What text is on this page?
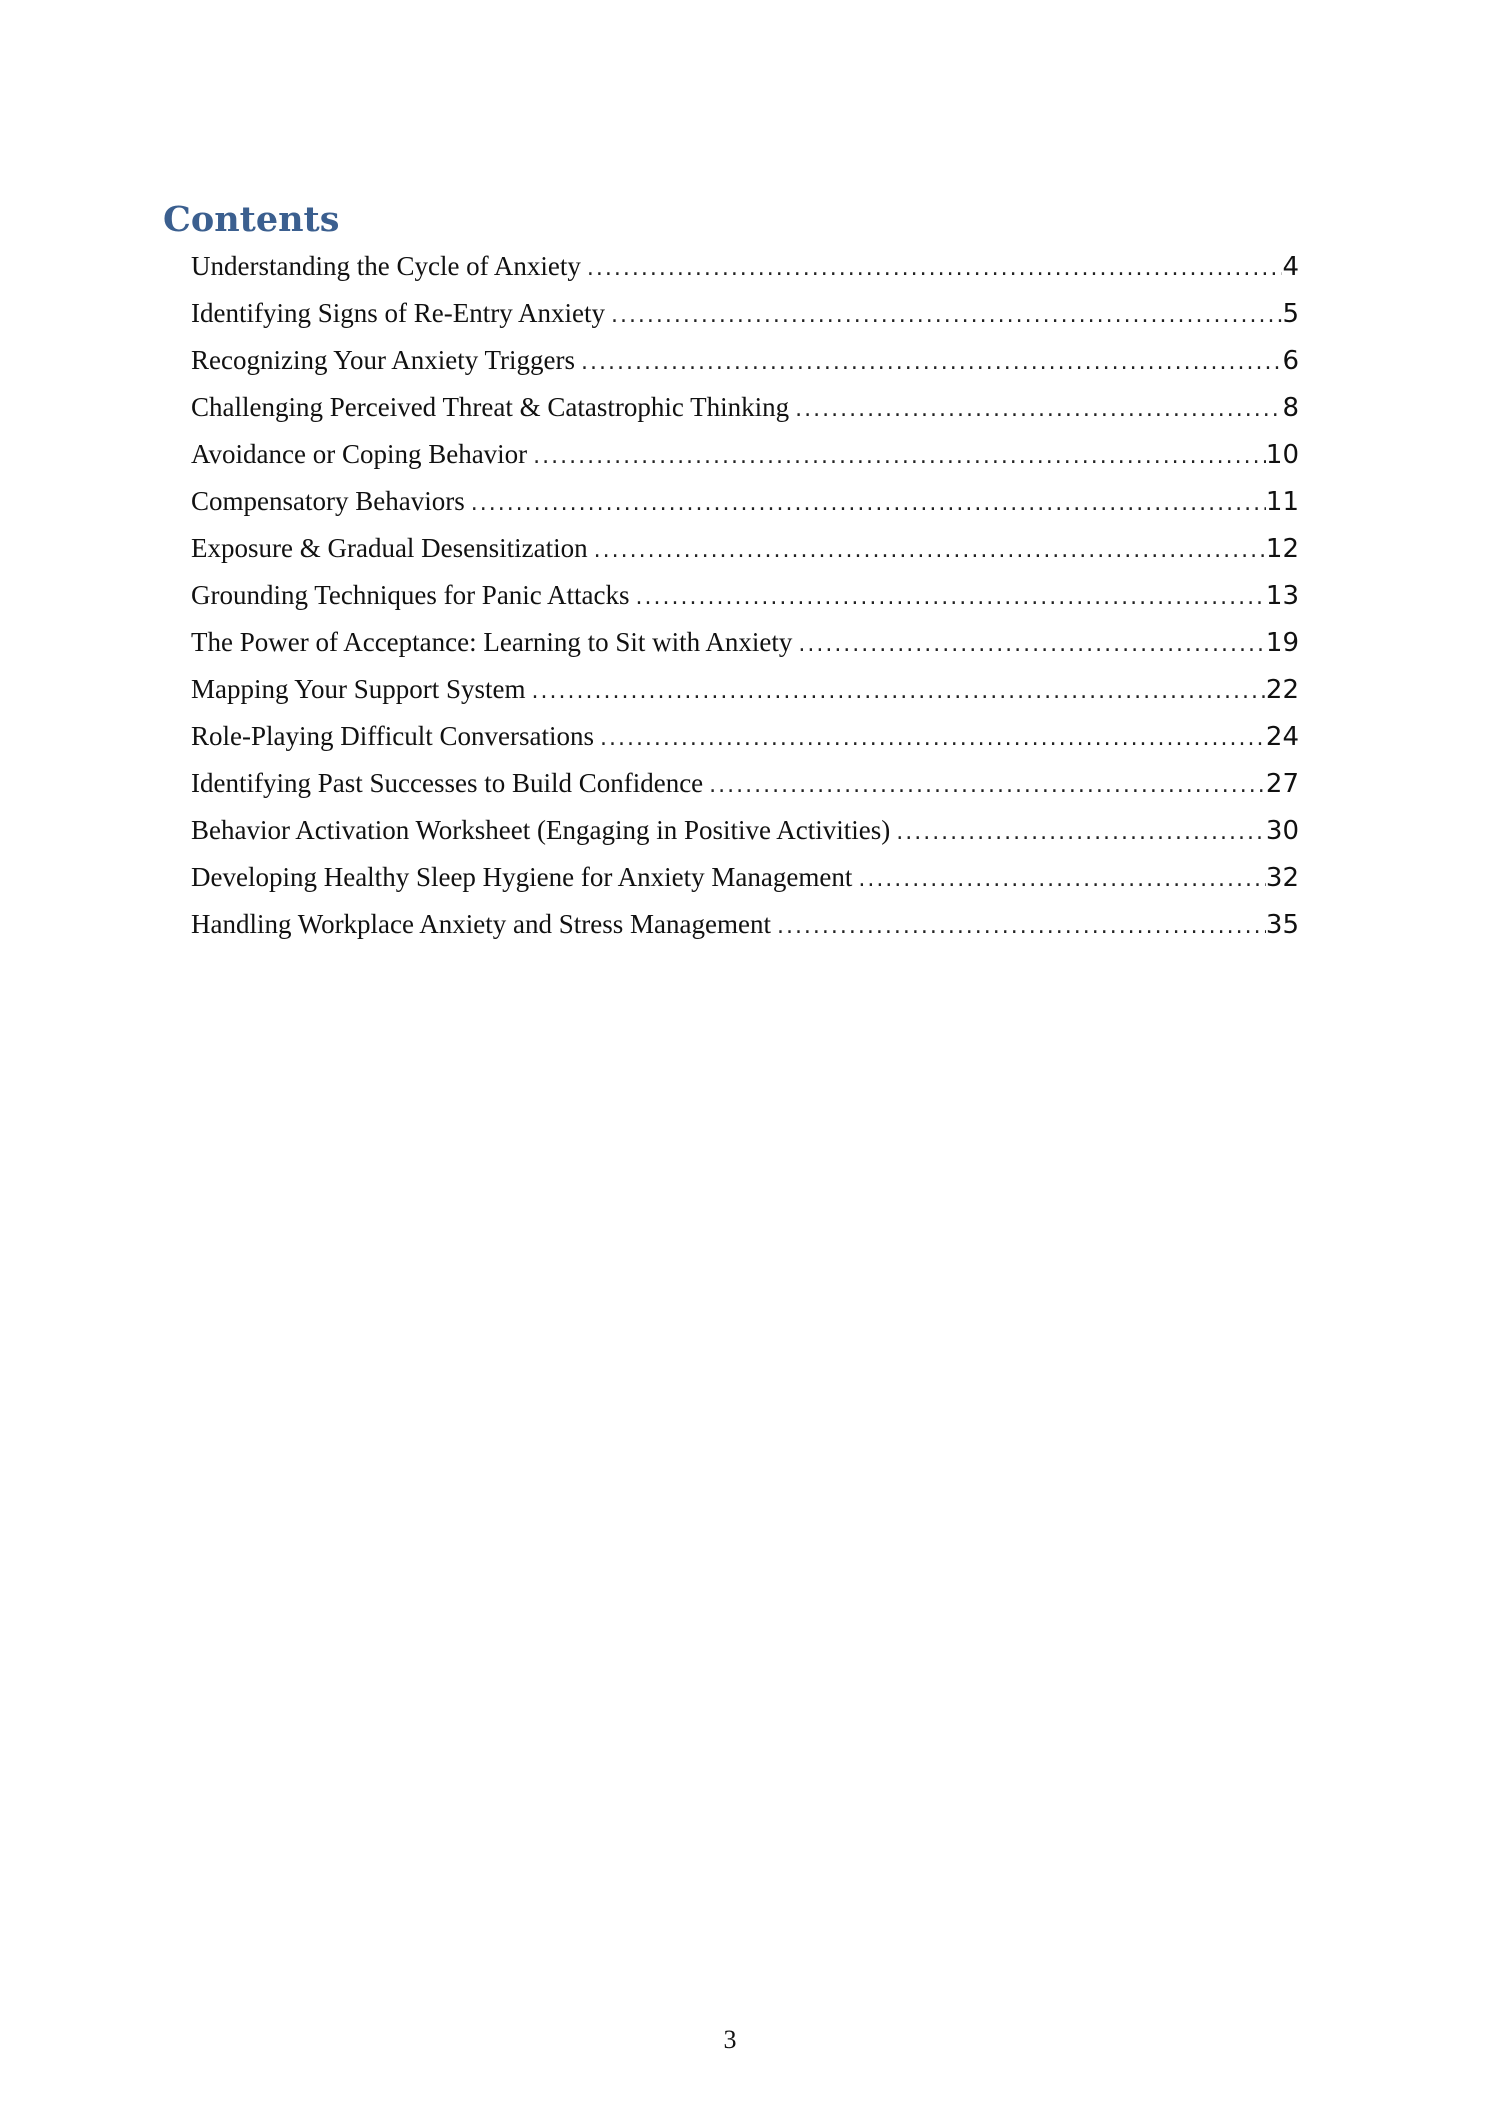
Contents
Understanding the Cycle of Anxiety .....	4
Identifying Signs of Re-Entry Anxiety .....	5
Recognizing Your Anxiety Triggers .....	6
Challenging Perceived Threat & Catastrophic Thinking .....	8
Avoidance or Coping Behavior .....	10
Compensatory Behaviors .....	11
Exposure & Gradual Desensitization .....	12
Grounding Techniques for Panic Attacks .....	13
The Power of Acceptance: Learning to Sit with Anxiety .....	19
Mapping Your Support System .....	22
Role-Playing Difficult Conversations .....	24
Identifying Past Successes to Build Confidence .....	27
Behavior Activation Worksheet (Engaging in Positive Activities) .....	30
Developing Healthy Sleep Hygiene for Anxiety Management .....	32
Handling Workplace Anxiety and Stress Management .....	35

3
